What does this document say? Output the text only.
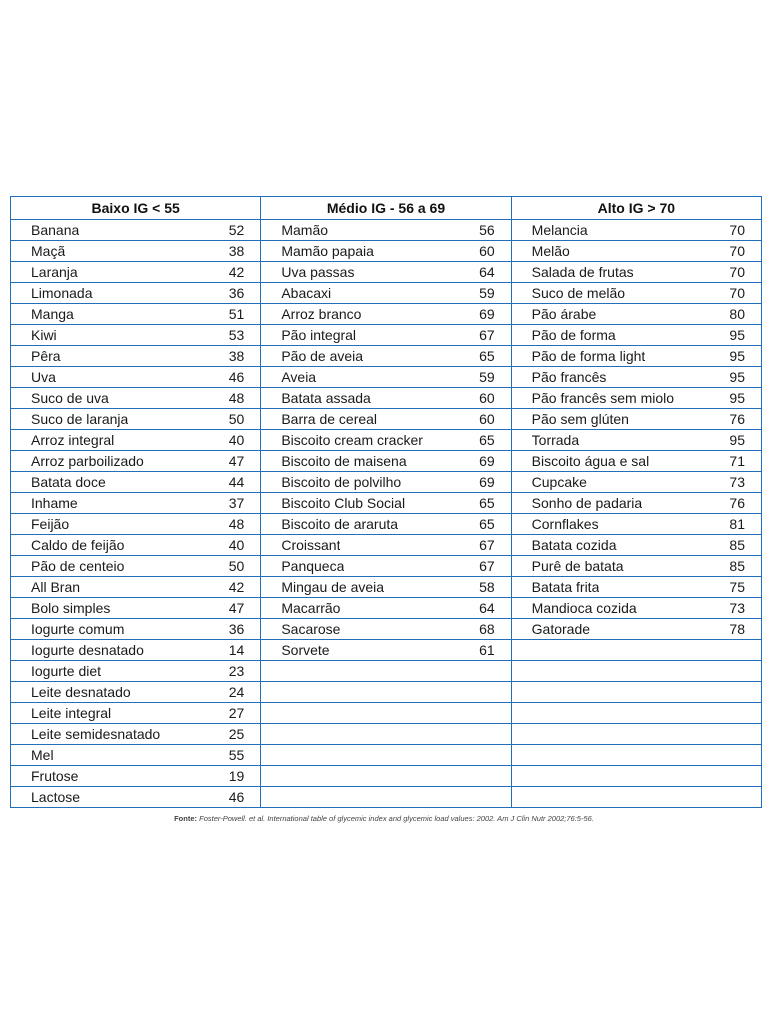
Baixo IG < 55	Médio IG - 56 a 69	Alto IG > 70

Banana 52	Mamão 56	Melancia 70

Maçã 38	Mamão papaia 60	Melão 70

Laranja 42	Uva passas 64	Salada de frutas 70

Limonada 36	Abacaxi 59	Suco de melão 70

Manga 51	Arroz branco 69	Pão árabe 80

Kiwi 53	Pão integral 67	Pão de forma 95

Pêra 38	Pão de aveia 65	Pão de forma light 95

Uva 46	Aveia 59	Pão francês 95

Suco de uva 48	Batata assada 60	Pão francês sem miolo 95

Suco de laranja 50	Barra de cereal 60	Pão sem glúten 76

Arroz integral 40	Biscoito cream cracker 65	Torrada 95

Arroz parboilizado 47	Biscoito de maisena 69	Biscoito água e sal 71

Batata doce 44	Biscoito de polvilho 69	Cupcake 73

Inhame 37	Biscoito Club Social 65	Sonho de padaria 76

Feijão 48	Biscoito de araruta 65	Cornflakes 81

Caldo de feijão 40	Croissant 67	Batata cozida 85

Pão de centeio 50	Panqueca 67	Purê de batata 85

All Bran 42	Mingau de aveia 58	Batata frita 75

Bolo simples 47	Macarrão 64	Mandioca cozida 73

Iogurte comum 36	Sacarose 68	Gatorade 78

Iogurte desnatado 14	Sorvete 61	

Iogurte diet 23		

Leite desnatado 24		

Leite integral 27		

Leite semidesnatado 25		

Mel 55		

Frutose 19		

Lactose 46		

Fonte: Foster-Powell. et al. International table of glycemic index and glycemic load values: 2002. Am J Clin Nutr 2002;76:5-56.
